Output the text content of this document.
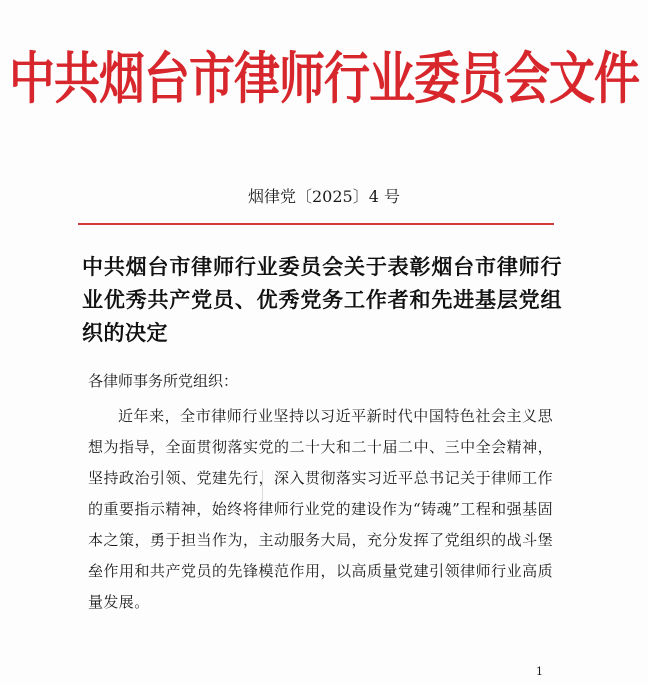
中共烟台市律师行业委员会文件
烟律党〔2025〕4 号
中共烟台市律师行业委员会关于表彰烟台市律师行业优秀共产党员、优秀党务工作者和先进基层党组织的决定
各律师事务所党组织：

近年来，全市律师行业坚持以习近平新时代中国特色社会主义思想为指导，全面贯彻落实党的二十大和二十届二中、三中全会精神，坚持政治引领、党建先行，深入贯彻落实习近平总书记关于律师工作的重要指示精神，始终将律师行业党的建设作为“铸魂”工程和强基固本之策，勇于担当作为，主动服务大局，充分发挥了党组织的战斗堡垒作用和共产党员的先锋模范作用，以高质量党建引领律师行业高质量发展。

1
